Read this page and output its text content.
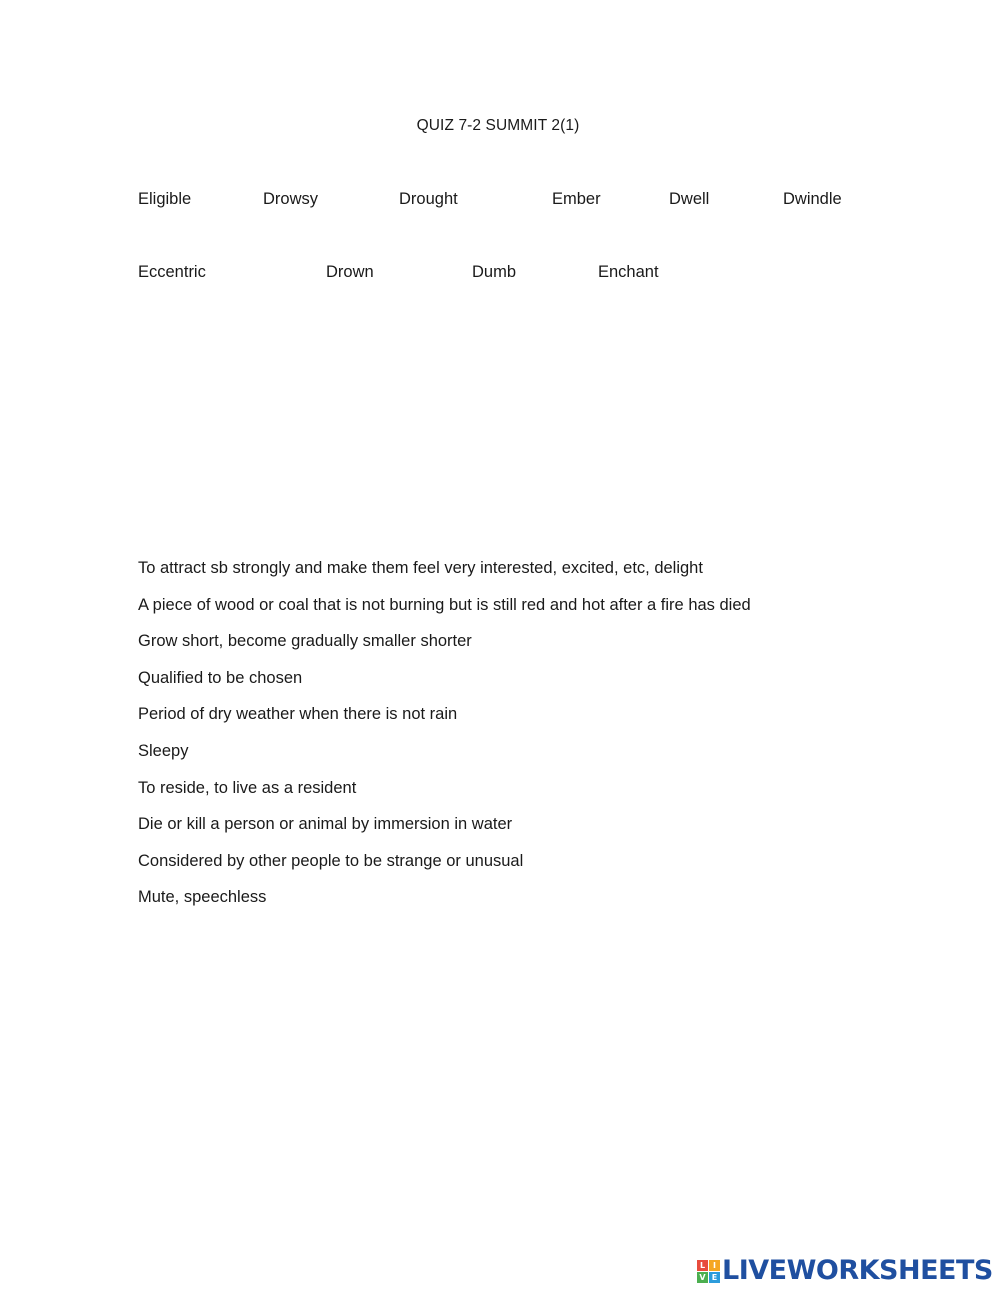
QUIZ 7-2 SUMMIT 2(1)
Eligible	Drowsy	Drought	Ember	Dwell	Dwindle
Eccentric	Drown	Dumb	Enchant
To attract sb strongly and make them feel very interested, excited, etc, delight
A piece of wood or coal that is not burning but is still red and hot after a fire has died
Grow short, become gradually smaller shorter
Qualified to be chosen
Period of dry weather when there is not rain
Sleepy
To reside, to live as a resident
Die or kill a person or animal by immersion in water
Considered by other people to be strange or unusual
Mute, speechless
L I
V E LIVEWORKSHEETS
